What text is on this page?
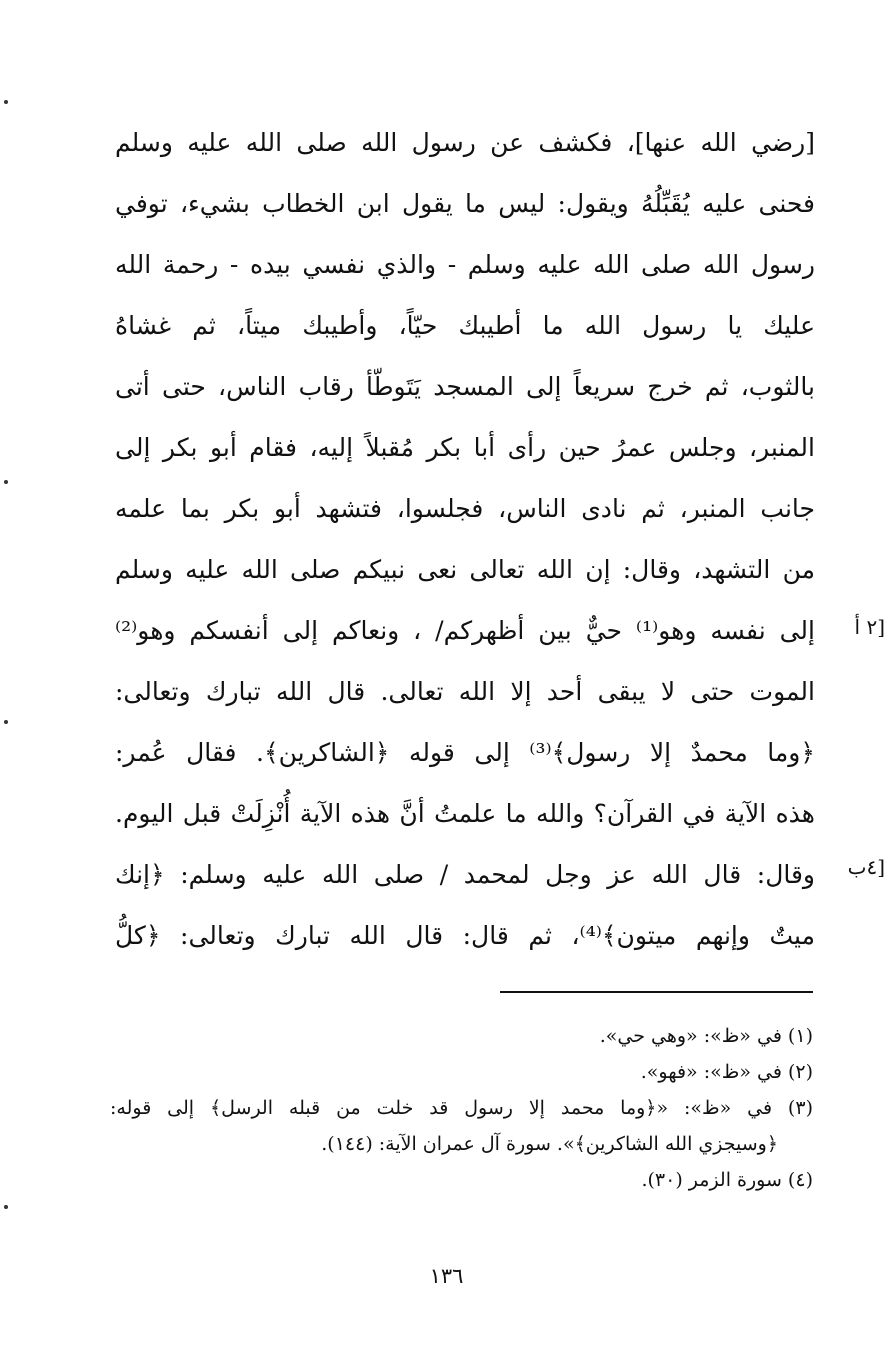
[رضي الله عنها]، فكشف عن رسول الله صلى الله عليه وسلم
فحنى عليه يُقَبِّلُهُ ويقول: ليس ما يقول ابن الخطاب بشيء، توفي
رسول الله صلى الله عليه وسلم - والذي نفسي بيده - رحمة الله
عليك يا رسول الله ما أطيبك حيّاً، وأطيبك ميتاً، ثم غشاهُ
بالثوب، ثم خرج سريعاً إلى المسجد يَتَوطّأ رقاب الناس، حتى أتى
المنبر، وجلس عمرُ حين رأى أبا بكر مُقبلاً إليه، فقام أبو بكر إلى
جانب المنبر، ثم نادى الناس، فجلسوا، فتشهد أبو بكر بما علمه
من التشهد، وقال: إن الله تعالى نعى نبيكم صلى الله عليه وسلم
إلى نفسه وهو⁽¹⁾ حيٌّ بين أظهركم/ ، ونعاكم إلى أنفسكم وهو⁽²⁾
الموت حتى لا يبقى أحد إلا الله تعالى. قال الله تبارك وتعالى:
﴿وما محمدٌ إلا رسول﴾⁽³⁾ إلى قوله ﴿الشاكرين﴾. فقال عُمر:
هذه الآية في القرآن؟ والله ما علمتُ أنَّ هذه الآية أُنْزِلَتْ قبل اليوم.
وقال: قال الله عز وجل لمحمد / صلى الله عليه وسلم: ﴿إنك
ميتٌ وإنهم ميتون﴾⁽⁴⁾، ثم قال: قال الله تبارك وتعالى: ﴿كلُّ
[٢ أ
[٤ب
(١) في «ظ»: «وهي حي».
(٢) في «ظ»: «فهو».
(٣) في «ظ»: «﴿وما محمد إلا رسول قد خلت من قبله الرسل﴾ إلى قوله:
﴿وسيجزي الله الشاكرين﴾». سورة آل عمران الآية: (١٤٤).
(٤) سورة الزمر (٣٠).
١٣٦
